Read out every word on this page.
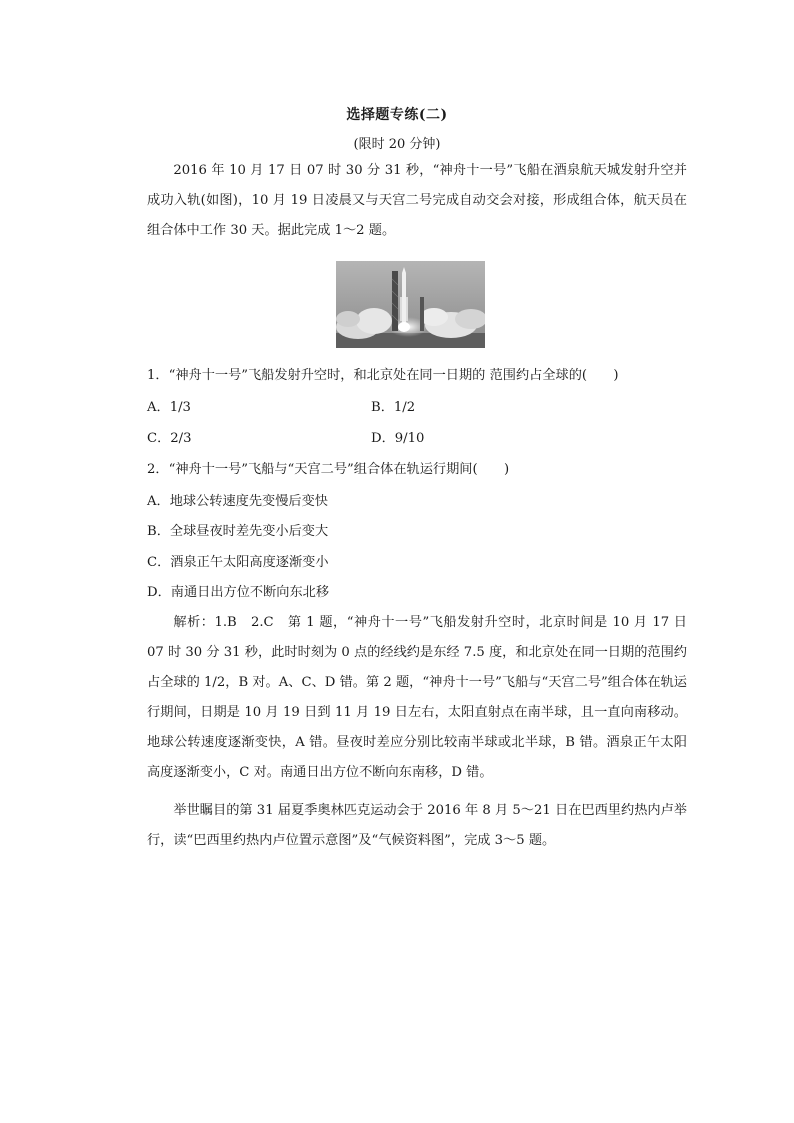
选择题专练(二)
(限时 20 分钟)

2016 年 10 月 17 日 07 时 30 分 31 秒，“神舟十一号”飞船在酒泉航天城发射升空并成功入轨(如图)，10 月 19 日凌晨又与天宫二号完成自动交会对接，形成组合体，航天员在组合体中工作 30 天。据此完成 1～2 题。

1．“神舟十一号”飞船发射升空时，和北京处在同一日期的 范围约占全球的(　　)
A．1/3	B．1/2
C．2/3	D．9/10
2．“神舟十一号”飞船与“天宫二号”组合体在轨运行期间(　　)
A．地球公转速度先变慢后变快
B．全球昼夜时差先变小后变大
C．酒泉正午太阳高度逐渐变小
D．南通日出方位不断向东北移

解析：1.B　2.C　第 1 题，“神舟十一号”飞船发射升空时，北京时间是 10 月 17 日 07 时 30 分 31 秒，此时时刻为 0 点的经线约是东经 7.5 度，和北京处在同一日期的范围约占全球的 1/2，B 对。A、C、D 错。第 2 题，“神舟十一号”飞船与“天宫二号”组合体在轨运行期间，日期是 10 月 19 日到 11 月 19 日左右，太阳直射点在南半球，且一直向南移动。地球公转速度逐渐变快，A 错。昼夜时差应分别比较南半球或北半球，B 错。酒泉正午太阳高度逐渐变小，C 对。南通日出方位不断向东南移，D 错。

举世瞩目的第 31 届夏季奥林匹克运动会于 2016 年 8 月 5～21 日在巴西里约热内卢举行，读“巴西里约热内卢位置示意图”及“气候资料图”，完成 3～5 题。
